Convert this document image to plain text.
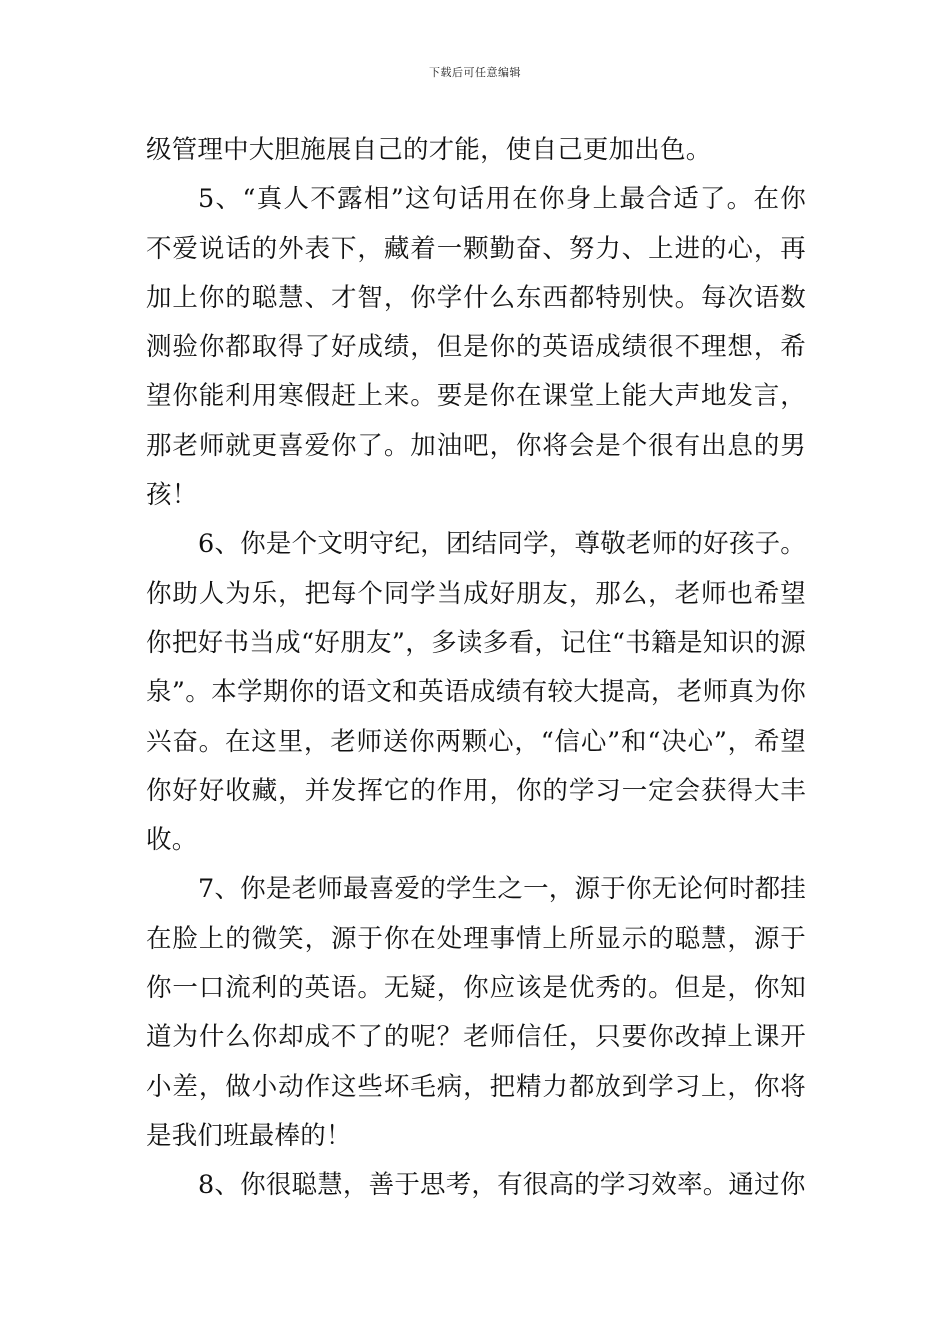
下载后可任意编辑

级管理中大胆施展自己的才能，使自己更加出色。

5、“真人不露相”这句话用在你身上最合适了。在你不爱说话的外表下，藏着一颗勤奋、努力、上进的心，再加上你的聪慧、才智，你学什么东西都特别快。每次语数测验你都取得了好成绩，但是你的英语成绩很不理想，希望你能利用寒假赶上来。要是你在课堂上能大声地发言，那老师就更喜爱你了。加油吧，你将会是个很有出息的男孩！

6、你是个文明守纪，团结同学，尊敬老师的好孩子。你助人为乐，把每个同学当成好朋友，那么，老师也希望你把好书当成“好朋友”，多读多看，记住“书籍是知识的源泉”。本学期你的语文和英语成绩有较大提高，老师真为你兴奋。在这里，老师送你两颗心，“信心”和“决心”，希望你好好收藏，并发挥它的作用，你的学习一定会获得大丰收。

7、你是老师最喜爱的学生之一，源于你无论何时都挂在脸上的微笑，源于你在处理事情上所显示的聪慧，源于你一口流利的英语。无疑，你应该是优秀的。但是，你知道为什么你却成不了的呢？老师信任，只要你改掉上课开小差，做小动作这些坏毛病，把精力都放到学习上，你将是我们班最棒的！

8、你很聪慧，善于思考，有很高的学习效率。通过你
